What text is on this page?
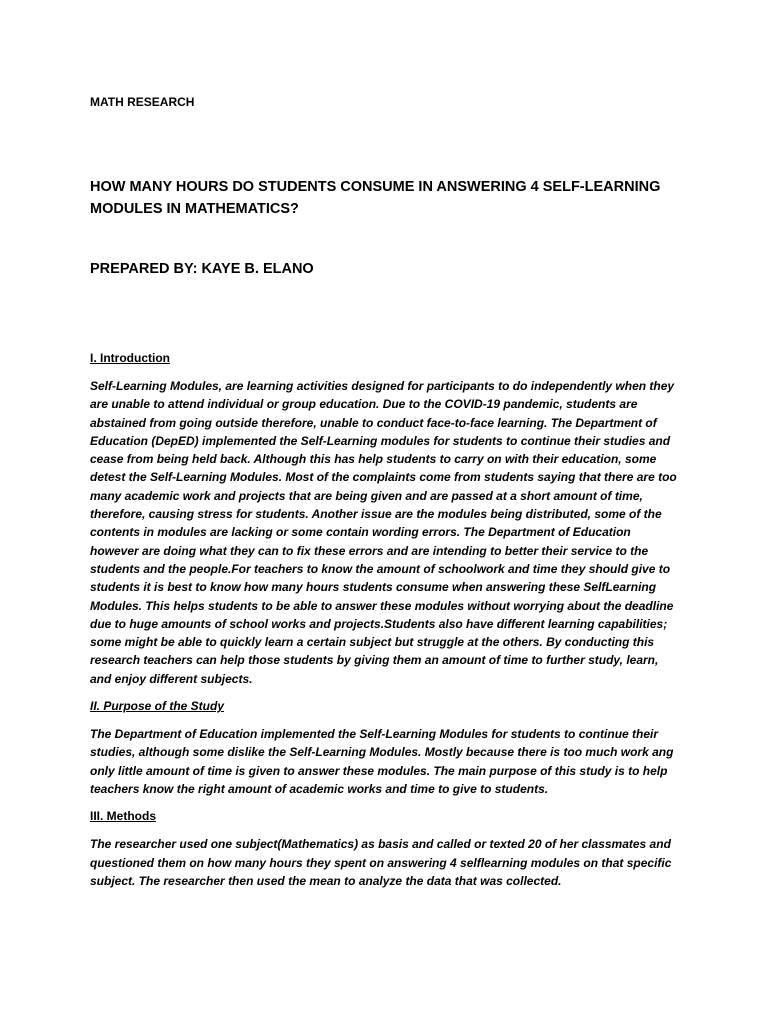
MATH RESEARCH

HOW MANY HOURS DO STUDENTS CONSUME IN ANSWERING 4 SELF-LEARNING MODULES IN MATHEMATICS?

PREPARED BY: KAYE B. ELANO

I. Introduction

Self-Learning Modules, are learning activities designed for participants to do independently when they are unable to attend individual or group education. Due to the COVID-19 pandemic, students are abstained from going outside therefore, unable to conduct face-to-face learning. The Department of Education (DepED) implemented the Self-Learning modules for students to continue their studies and cease from being held back. Although this has help students to carry on with their education, some detest the Self-Learning Modules. Most of the complaints come from students saying that there are too many academic work and projects that are being given and are passed at a short amount of time, therefore, causing stress for students. Another issue are the modules being distributed, some of the contents in modules are lacking or some contain wording errors. The Department of Education however are doing what they can to fix these errors and are intending to better their service to the students and the people.For teachers to know the amount of schoolwork and time they should give to students it is best to know how many hours students consume when answering these SelfLearning Modules. This helps students to be able to answer these modules without worrying about the deadline due to huge amounts of school works and projects.Students also have different learning capabilities; some might be able to quickly learn a certain subject but struggle at the others. By conducting this research teachers can help those students by giving them an amount of time to further study, learn, and enjoy different subjects.

II. Purpose of the Study

The Department of Education implemented the Self-Learning Modules for students to continue their studies, although some dislike the Self-Learning Modules. Mostly because there is too much work ang only little amount of time is given to answer these modules. The main purpose of this study is to help teachers know the right amount of academic works and time to give to students.

III. Methods

The researcher used one subject(Mathematics) as basis and called or texted 20 of her classmates and questioned them on how many hours they spent on answering 4 selflearning modules on that specific subject. The researcher then used the mean to analyze the data that was collected.
